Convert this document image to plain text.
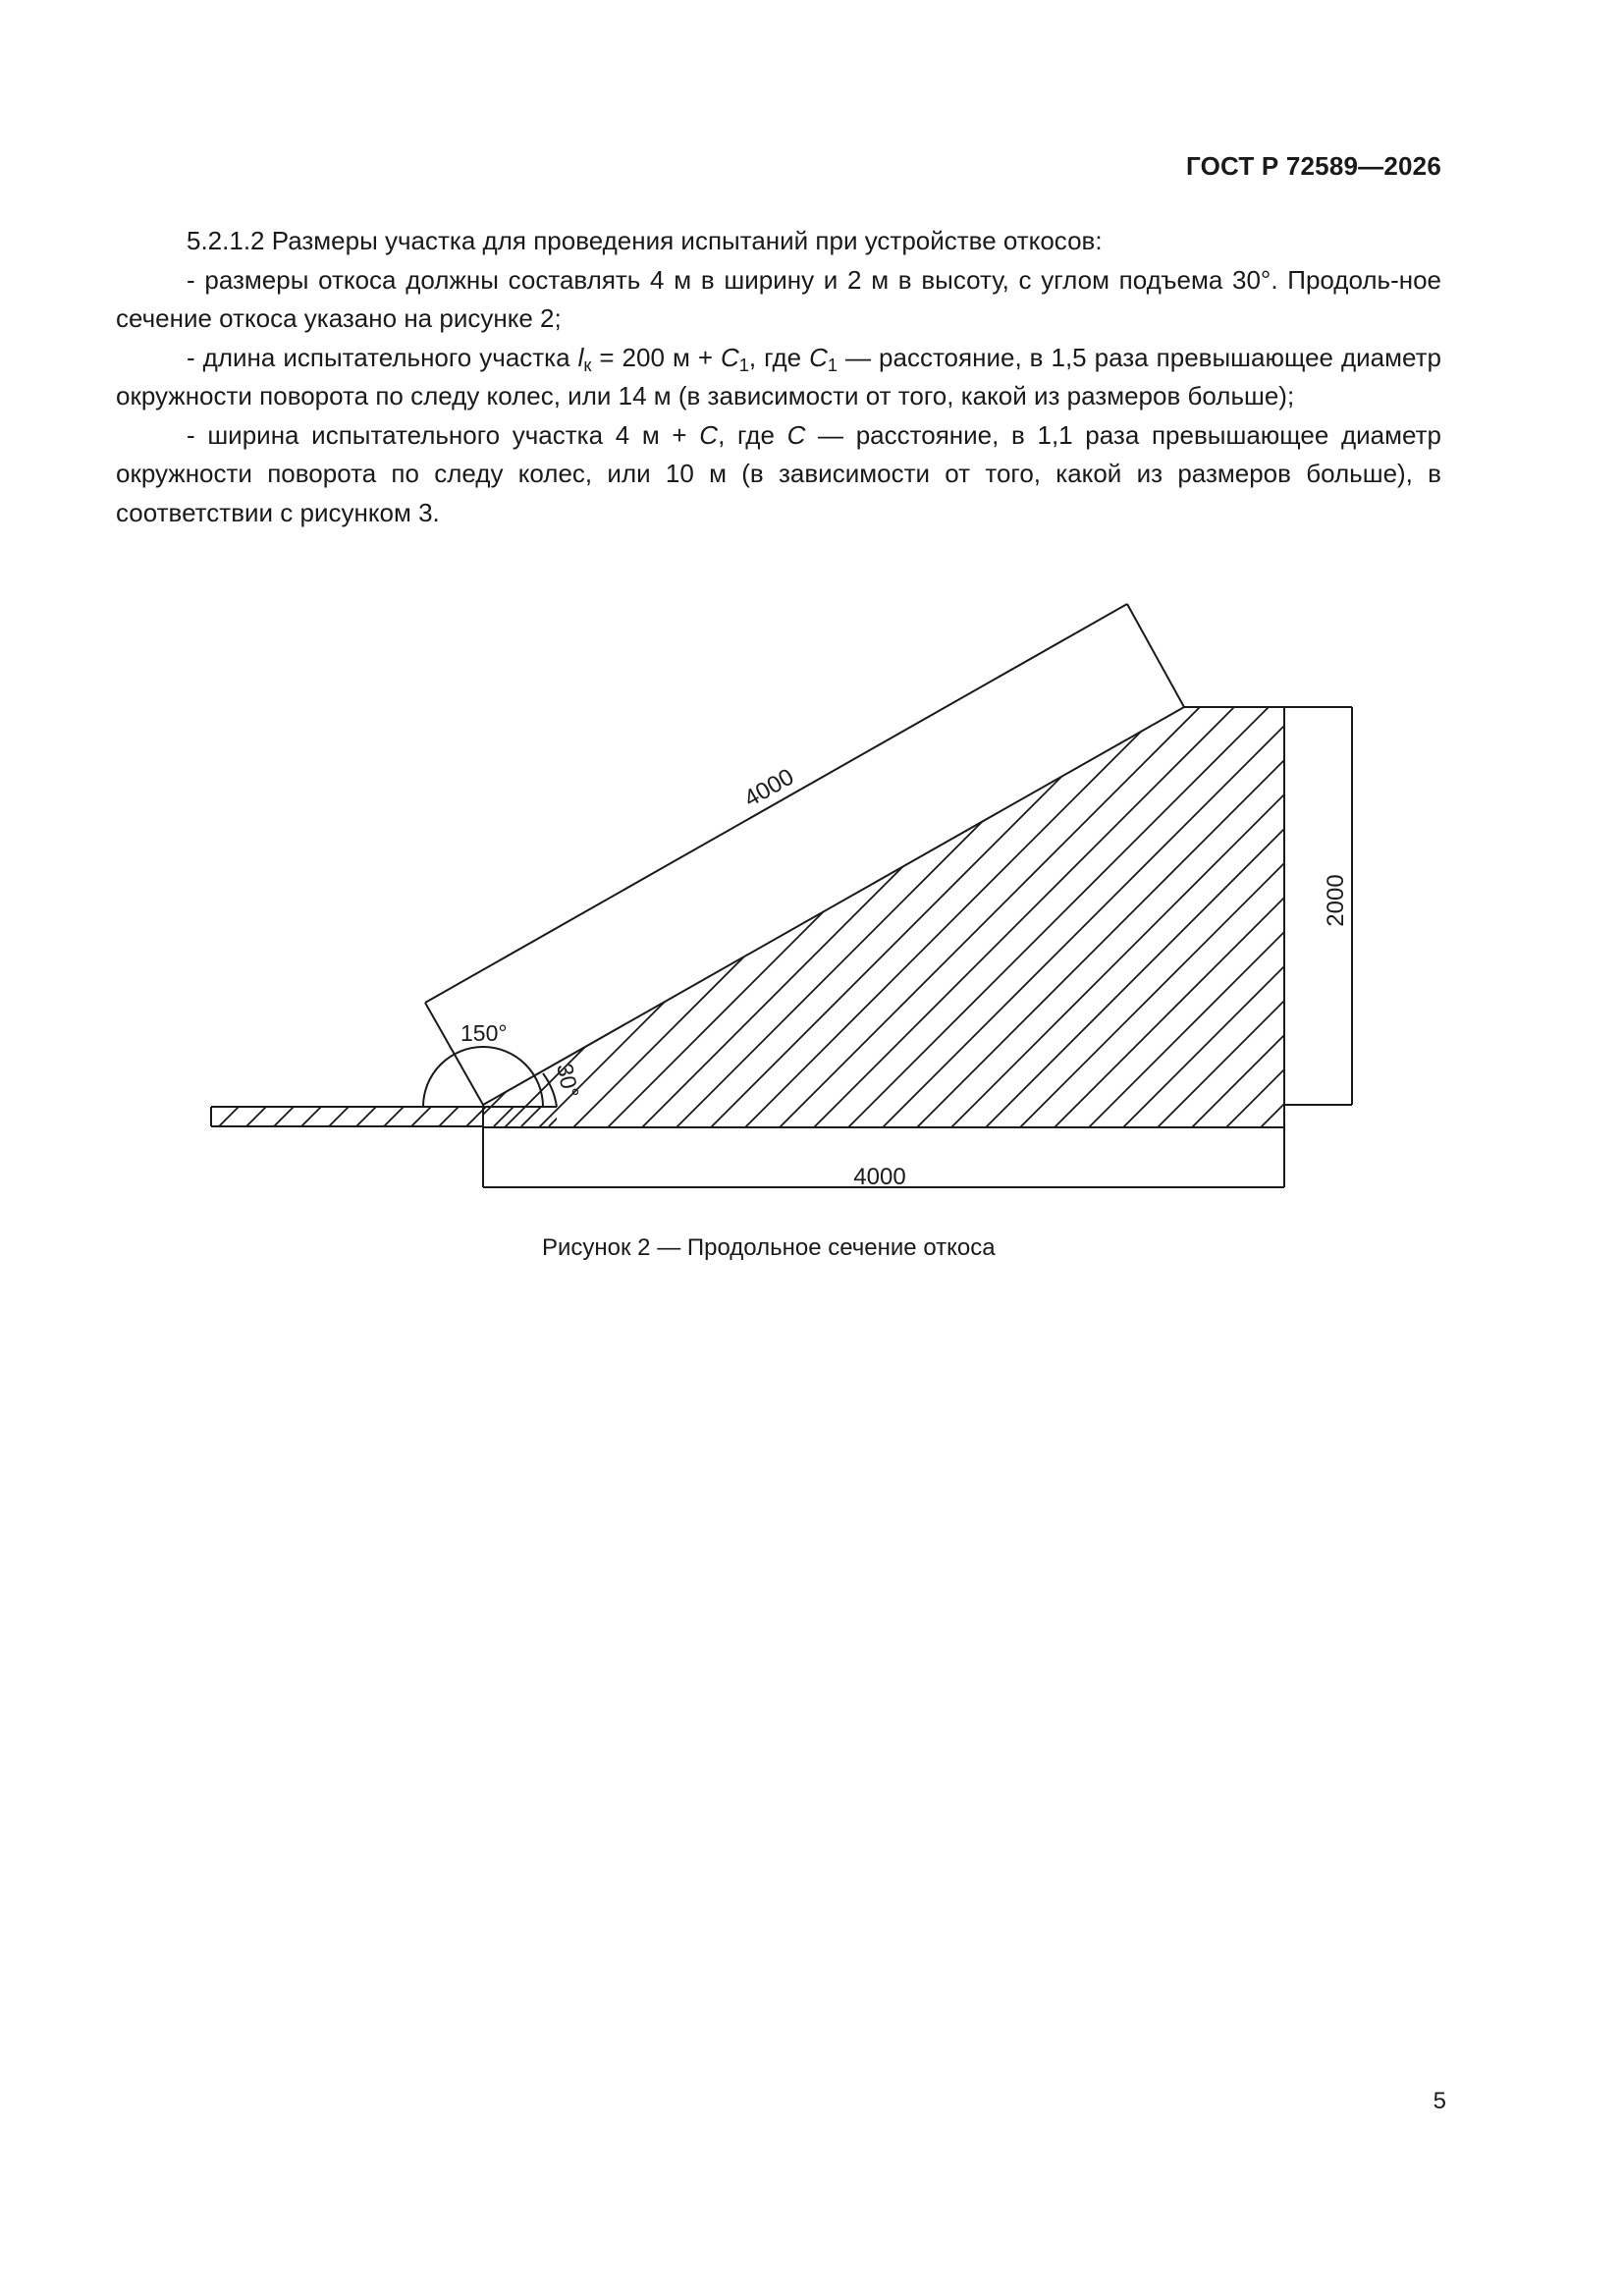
ГОСТ Р 72589—2026

5.2.1.2 Размеры участка для проведения испытаний при устройстве откосов:

- размеры откоса должны составлять 4 м в ширину и 2 м в высоту, с углом подъема 30°. Продоль-ное сечение откоса указано на рисунке 2;

- длина испытательного участка $l_к = 200$ $м + C_1$, где $C_1$ — расстояние, в 1,5 раза превышающее диаметр окружности поворота по следу колес, или 14 м (в зависимости от того, какой из размеров больше);

- ширина испытательного участка 4 м + C, где C — расстояние, в 1,1 раза превышающее диаметр окружности поворота по следу колес, или 10 м (в зависимости от того, какой из размеров больше), в соответствии с рисунком 3.

4000
2000
4000
150°
30°
Рисунок 2 — Продольное сечение откоса
5
